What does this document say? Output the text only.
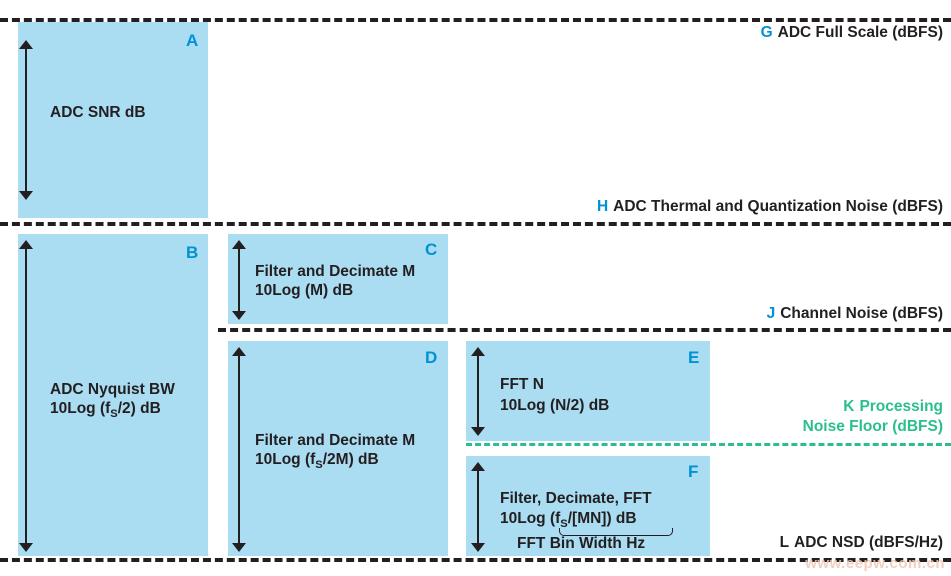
A
ADC SNR dB
B
ADC Nyquist BW
10Log $(f_S/2)$ dB
C
Filter and Decimate M
10Log (M) dB
D
Filter and Decimate M
10Log $(f_S/2M)$ dB
E
FFT N
10Log (N/2) dB
F
Filter, Decimate, FFT
10Log $(f_S/[MN])$ dB
FFT Bin Width Hz
G ADC Full Scale (dBFS)
H ADC Thermal and Quantization Noise (dBFS)
J Channel Noise (dBFS)
K Processing
Noise Floor (dBFS)
L ADC NSD (dBFS/Hz)
www.eepw.com.cn
